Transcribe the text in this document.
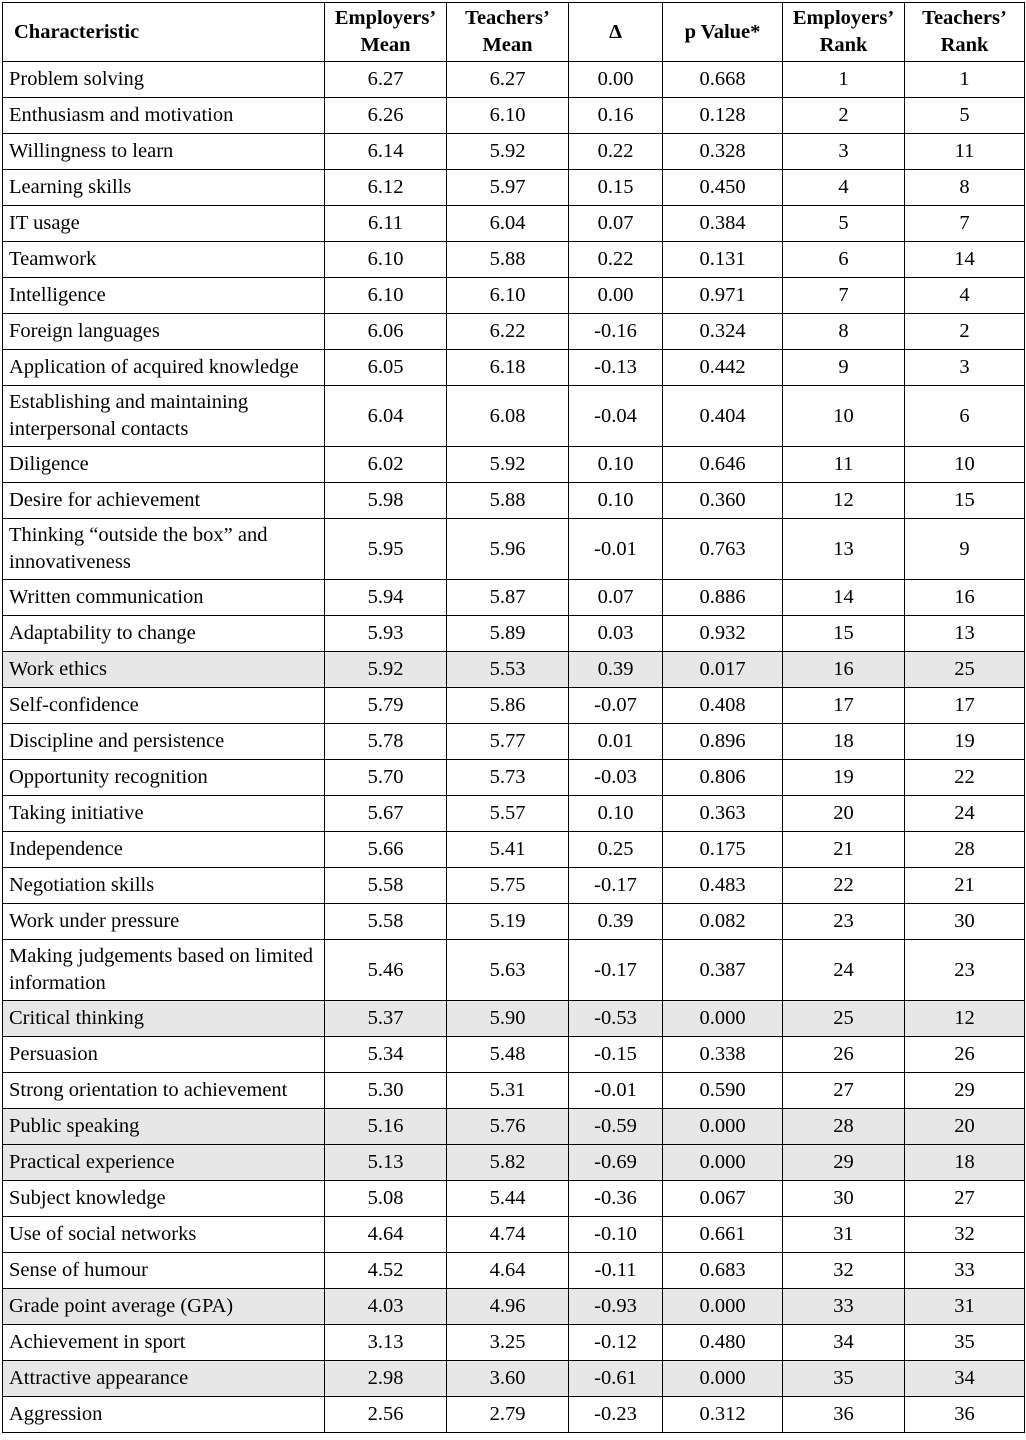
Characteristic	Employers’ Mean	Teachers’ Mean	Δ	p Value*	Employers’ Rank	Teachers’ Rank
Problem solving	6.27	6.27	0.00	0.668	1	1
Enthusiasm and motivation	6.26	6.10	0.16	0.128	2	5
Willingness to learn	6.14	5.92	0.22	0.328	3	11
Learning skills	6.12	5.97	0.15	0.450	4	8
IT usage	6.11	6.04	0.07	0.384	5	7
Teamwork	6.10	5.88	0.22	0.131	6	14
Intelligence	6.10	6.10	0.00	0.971	7	4
Foreign languages	6.06	6.22	-0.16	0.324	8	2
Application of acquired knowledge	6.05	6.18	-0.13	0.442	9	3
Establishing and maintaining interpersonal contacts	6.04	6.08	-0.04	0.404	10	6
Diligence	6.02	5.92	0.10	0.646	11	10
Desire for achievement	5.98	5.88	0.10	0.360	12	15
Thinking “outside the box” and innovativeness	5.95	5.96	-0.01	0.763	13	9
Written communication	5.94	5.87	0.07	0.886	14	16
Adaptability to change	5.93	5.89	0.03	0.932	15	13
Work ethics	5.92	5.53	0.39	0.017	16	25
Self-confidence	5.79	5.86	-0.07	0.408	17	17
Discipline and persistence	5.78	5.77	0.01	0.896	18	19
Opportunity recognition	5.70	5.73	-0.03	0.806	19	22
Taking initiative	5.67	5.57	0.10	0.363	20	24
Independence	5.66	5.41	0.25	0.175	21	28
Negotiation skills	5.58	5.75	-0.17	0.483	22	21
Work under pressure	5.58	5.19	0.39	0.082	23	30
Making judgements based on limited information	5.46	5.63	-0.17	0.387	24	23
Critical thinking	5.37	5.90	-0.53	0.000	25	12
Persuasion	5.34	5.48	-0.15	0.338	26	26
Strong orientation to achievement	5.30	5.31	-0.01	0.590	27	29
Public speaking	5.16	5.76	-0.59	0.000	28	20
Practical experience	5.13	5.82	-0.69	0.000	29	18
Subject knowledge	5.08	5.44	-0.36	0.067	30	27
Use of social networks	4.64	4.74	-0.10	0.661	31	32
Sense of humour	4.52	4.64	-0.11	0.683	32	33
Grade point average (GPA)	4.03	4.96	-0.93	0.000	33	31
Achievement in sport	3.13	3.25	-0.12	0.480	34	35
Attractive appearance	2.98	3.60	-0.61	0.000	35	34
Aggression	2.56	2.79	-0.23	0.312	36	36
